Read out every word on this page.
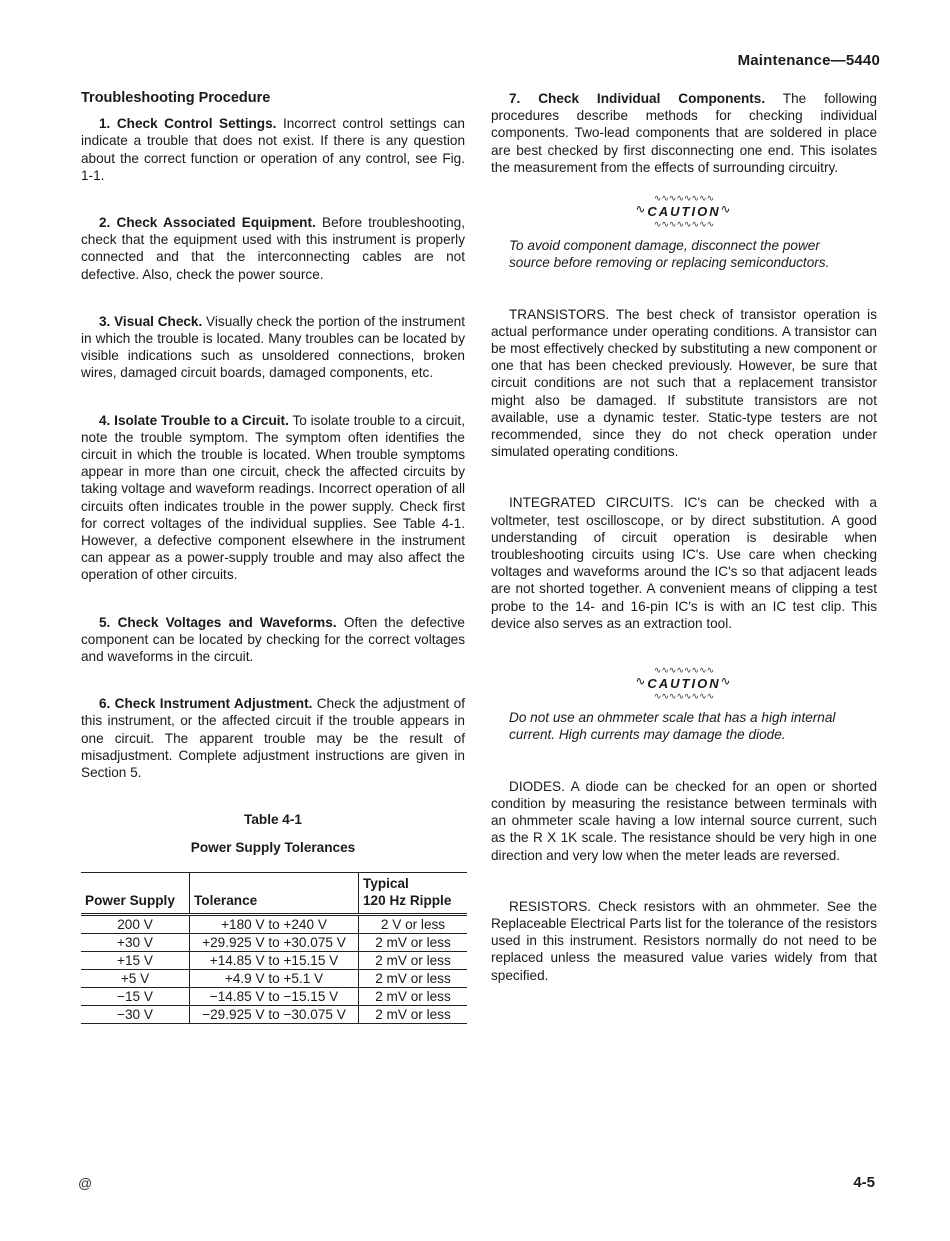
Maintenance—5440
Troubleshooting Procedure

1. Check Control Settings. Incorrect control settings can indicate a trouble that does not exist. If there is any question about the correct function or operation of any control, see Fig. 1-1.

2. Check Associated Equipment. Before troubleshooting, check that the equipment used with this instrument is properly connected and that the interconnecting cables are not defective. Also, check the power source.

3. Visual Check. Visually check the portion of the instrument in which the trouble is located. Many troubles can be located by visible indications such as unsoldered connections, broken wires, damaged circuit boards, damaged components, etc.

4. Isolate Trouble to a Circuit. To isolate trouble to a circuit, note the trouble symptom. The symptom often identifies the circuit in which the trouble is located. When trouble symptoms appear in more than one circuit, check the affected circuits by taking voltage and waveform readings. Incorrect operation of all circuits often indicates trouble in the power supply. Check first for correct voltages of the individual supplies. See Table 4-1. However, a defective component elsewhere in the instrument can appear as a power-supply trouble and may also affect the operation of other circuits.

5. Check Voltages and Waveforms. Often the defective component can be located by checking for the correct voltages and waveforms in the circuit.

6. Check Instrument Adjustment. Check the adjustment of this instrument, or the affected circuit if the trouble appears in one circuit. The apparent trouble may be the result of misadjustment. Complete adjustment instructions are given in Section 5.

Table 4-1
Power Supply Tolerances
Power Supply	Tolerance	Typical
120 Hz Ripple
200 V	+180 V to +240 V	2 V or less
+30 V	+29.925 V to +30.075 V	2 mV or less
+15 V	+14.85 V to +15.15 V	2 mV or less
+5 V	+4.9 V to +5.1 V	2 mV or less
−15 V	−14.85 V to −15.15 V	2 mV or less
−30 V	−29.925 V to −30.075 V	2 mV or less

7. Check Individual Components. The following procedures describe methods for checking individual components. Two-lead components that are soldered in place are best checked by first disconnecting one end. This isolates the measurement from the effects of surrounding circuitry.

∿∿∿∿∿∿∿∿
∿ CAUTION ∿
∿∿∿∿∿∿∿∿

To avoid component damage, disconnect the power source before removing or replacing semiconductors.

TRANSISTORS. The best check of transistor operation is actual performance under operating conditions. A transistor can be most effectively checked by substituting a new component or one that has been checked previously. However, be sure that circuit conditions are not such that a replacement transistor might also be damaged. If substitute transistors are not available, use a dynamic tester. Static-type testers are not recommended, since they do not check operation under simulated operating conditions.

INTEGRATED CIRCUITS. IC's can be checked with a voltmeter, test oscilloscope, or by direct substitution. A good understanding of circuit operation is desirable when troubleshooting circuits using IC's. Use care when checking voltages and waveforms around the IC's so that adjacent leads are not shorted together. A convenient means of clipping a test probe to the 14- and 16-pin IC's is with an IC test clip. This device also serves as an extraction tool.

∿∿∿∿∿∿∿∿
∿ CAUTION ∿
∿∿∿∿∿∿∿∿

Do not use an ohmmeter scale that has a high internal current. High currents may damage the diode.

DIODES. A diode can be checked for an open or shorted condition by measuring the resistance between terminals with an ohmmeter scale having a low internal source current, such as the R X 1K scale. The resistance should be very high in one direction and very low when the meter leads are reversed.

RESISTORS. Check resistors with an ohmmeter. See the Replaceable Electrical Parts list for the tolerance of the resistors used in this instrument. Resistors normally do not need to be replaced unless the measured value varies widely from that specified.

@	4-5
